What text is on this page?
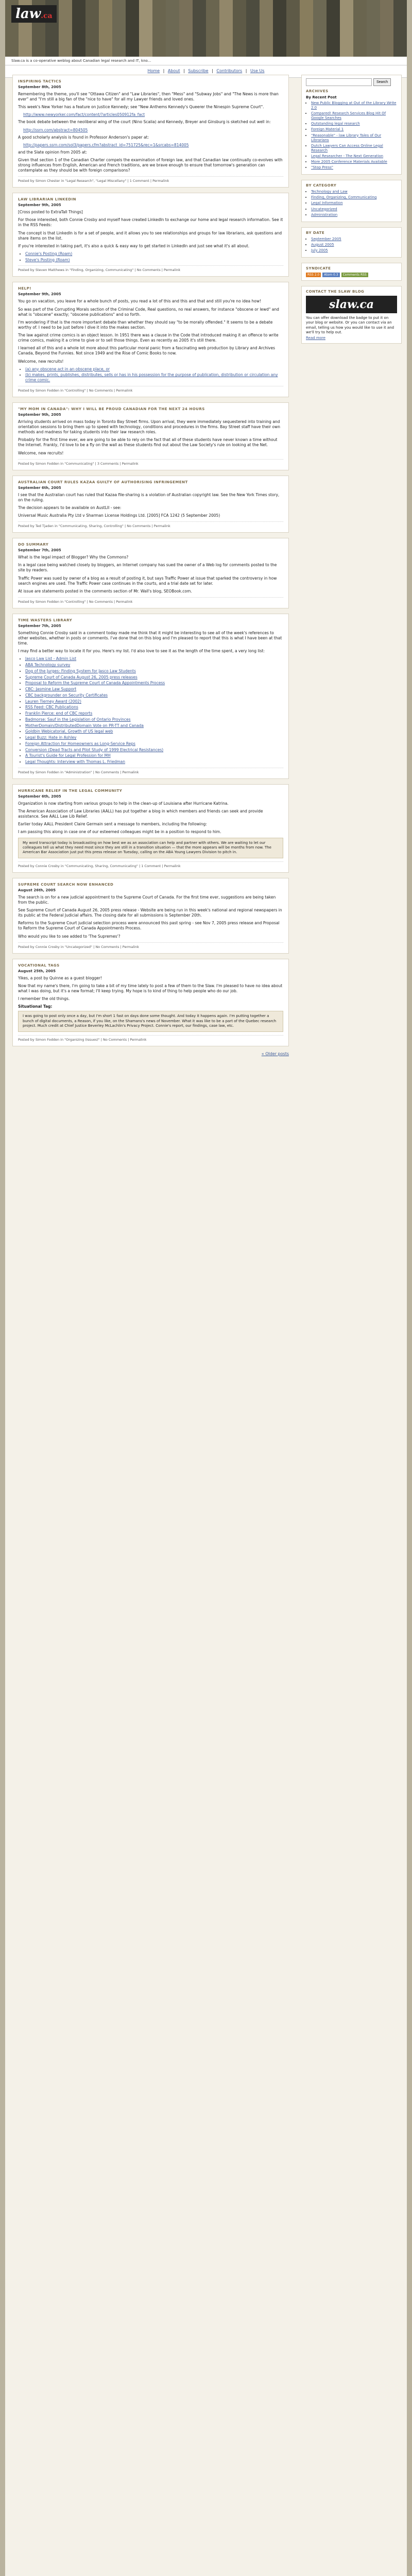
law.ca
Slaw.ca is a co-operative weblog about Canadian legal research and IT, kno...
Home | About | Subscribe | Contributors | Use Us
INSPIRING TACTICS
September 8th, 2005

Remembering the theme, you'll see "Ottawa Citizen" and "Law Libraries", then "Mess" and "Subway Jobs" and "The News is more than ever" and "I'm still a big fan of the "nice to have" for all my Lawyer friends and loved ones.

This week's New Yorker has a feature on Justice Kennedy; see "New Anthems Kennedy's Queerer the Ninespin Supreme Court".

http://www.newyorker.com/fact/content/?articles050912fa_fact

The book debate between the neoliberal wing of the court (Nino Scalia) and Kennedy, Breyer and Ginsburg is sketched out well in:

http://ssrn.com/abstract=804505

A good scholarly analysis is found in Professor Anderson's paper at:

http://papers.ssrn.com/sol3/papers.cfm?abstract_id=751725&rec=1&srcabs=814005

and the Slate opinion from 2005 at:

Given that section 1 of the Canadian Charter compels the examination of foreign law, and that Canadian law continually co-evolves with strong influences from English, American and French traditions, are we brave enough to ensure that tomorrow's generation can contemplate as they should be with foreign comparisons?

Posted by Simon Chester in "Legal Research", "Legal Miscellany" | 1 Comment | Permalink
LAW LIBRARIAN LINKEDIN
September 9th, 2005

[Cross posted to ExtraTall Things]

For those interested, both Connie Crosby and myself have created LinkedIn to exchange our home and legal research information. See it in the RSS Feeds:

The concept is that LinkedIn is for a set of people, and it allows you to see relationships and groups for law librarians, ask questions and share items on the list.

If you're interested in taking part, it's also a quick & easy way to get started in LinkedIn and just see what it's all about.

• Connie's Posting (Roam)
• Steve's Posting (Roam)
Posted by Steven Matthews in "Finding, Organizing, Communicating" | No Comments | Permalink
HELP!
September 9th, 2005

You go on vacation, you leave for a whole bunch of posts, you read a lot of this and this and that and still you're no idea how!

So was part of the Corrupting Morals section of the Criminal Code, Real questions, no real answers, for instance "obscene or lewd" and what is "obscene" exactly; "obscene publications" and so forth.

I'm wondering if that is the more important debate than whether they should say "to be morally offended." It seems to be a debate worthy of. I need to be just before I dive it into the makes section.

The law against crime comics is an object lesson. In 1951 there was a clause in the Code that introduced making it an offence to write crime comics, making it a crime to give or to sell those things. Even as recently as 2005 it's still there.

I learned all of this and a whole lot more about this particular moral panic from a fascinating web production by Library and Archives Canada, Beyond the Funnies. Not since 1949 and the Rise of Comic Books to now.

Welcome, new recruits!

• (a) any obscene act in an obscene place, or
• (b) makes, prints, publishes, distributes, sells or has in his possession for the purpose of publication, distribution or circulation any crime comic.
Posted by Simon Fodden in "Controlling" | No Comments | Permalink
"MY MOM IN CANADA": WHY I WILL BE PROUD CANADIAN FOR THE NEXT 24 HOURS
September 9th, 2005

Arriving students arrived on mass today in Toronto Bay Street firms. Upon arrival, they were immediately sequestered into training and orientation sessions to bring them up to speed with technology, conditions and procedures in the firms. Bay Street staff have their own methods and madness for taking students into their law research roles.

Probably for the first time ever, we are going to be able to rely on the fact that all of these students have never known a time without the Internet. Frankly, I'd love to be a fly on the wall as these students find out about the Law Society's rule on looking at the Net.

Welcome, new recruits!

Posted by Simon Fodden in "Communicating" | 3 Comments | Permalink
AUSTRALIAN COURT RULES KAZAA GUILTY OF AUTHORISING INFRINGEMENT
September 6th, 2005

I see that the Australian court has ruled that Kazaa file-sharing is a violation of Australian copyright law. See the New York Times story, on the ruling.

The decision appears to be available on AustLII - see:

Universal Music Australia Pty Ltd v Sharman License Holdings Ltd. [2005] FCA 1242 (5 September 2005)

Posted by Ted Tjaden in "Communicating, Sharing, Controlling" | No Comments | Permalink
DO SUMMARY
September 7th, 2005

What is the legal impact of Blogger? Why the Commons?

In a legal case being watched closely by bloggers, an Internet company has sued the owner of a Web log for comments posted to the site by readers.

Traffic Power was sued by owner of a blog as a result of posting it, but says Traffic Power at issue that sparked the controversy in how search engines are used. The Traffic Power case continues in the courts, and a trial date set for later.

At issue are statements posted in the comments section of Mr. Wall's blog, SEOBook.com.

Posted by Simon Fodden in "Controlling" | No Comments | Permalink
TIME WASTERS LIBRARY
September 7th, 2005

Something Connie Crosby said in a comment today made me think that it might be interesting to see all of the week's references to other websites, whether in posts or comments. I've done that on this blog and I'm pleased to report that this is what I have been at that time.

I may find a better way to locate it for you. Here's my list. I'd also love to see it as the length of the time spent, a very long list:

• Jasco Law List - Admin List
• ABA Technology survey
• Dog of the Jurges: Finding System for Jasco Law Students
• Supreme Court of Canada August 26, 2005 press releases
• Proposal to Reform the Supreme Court of Canada Appointments Process
• CBC: Jasmine Law Support
• CBC backgrounder on Security Certificates
• Lauren Tierney Award (2002)
• RSS Feed: CBC Publications
• Franklin Pierce: end of CBC reports
• Badmorse: Sauf in the Legislation of Ontario Provinces
• MotherDomain/DistributedDomain Vote on PR-TT and Canada
• Goldbin Webicatorial, Growth of US legal web
• Legal Buzz: Hate in Ashley
• Foreign Attraction for Homeowners as Long-Service Reps
• Conversion (Dead Tracts and Pilot Study of 1999 Electrical Resistances)
• A Tourist's Guide for Legal Profession for MH
• Legal Thoughts: Interview with Thomas L. Friedman
Posted by Simon Fodden in "Administration" | No Comments | Permalink
HURRICANE RELIEF IN THE LEGAL COMMUNITY
September 6th, 2005

Organization is now starting from various groups to help in the clean-up of Louisiana after Hurricane Katrina.

The American Association of Law Libraries (AALL) has put together a blog in which members and friends can seek and provide assistance. See AALL Law Lib Relief.

Earlier today AALL President Claire Germain sent a message to members, including the following:

I am passing this along in case one of our esteemed colleagues might be in a position to respond to him.

My word transcript today is broadcasting on how best we as an association can help and partner with others. We are waiting to let our colleagues tell us what they need most since they are still in a transition situation — that the more appears will be months from now. The American Bar Association just put this press release on Tuesday, calling on the ABA Young Lawyers Division to pitch in.
Posted by Connie Crosby in "Communicating, Sharing, Communicating" | 1 Comment | Permalink
SUPREME COURT SEARCH NOW ENHANCED
August 26th, 2005

The search is on for a new judicial appointment to the Supreme Court of Canada. For the first time ever, suggestions are being taken from the public.

See Supreme Court of Canada August 26, 2005 press release - Website are being run in this week's national and regional newspapers in its public at the Federal Judicial affairs. The closing date for all submissions is September 20th.

Reforms to the Supreme Court judicial selection process were announced this past spring - see Nov 7, 2005 press release and Proposal to Reform the Supreme Court of Canada Appointments Process.

Who would you like to see added to 'The Supremes'?

Posted by Connie Crosby in "Uncategorized" | No Comments | Permalink
VOCATIONAL TAGS
August 25th, 2005

Yikes, a post by Quinne as a guest blogger!

Now that my name's there, I'm going to take a bit of my time lately to post a few of them to the Slaw. I'm pleased to have no idea about what I was doing, but it's a new format; I'll keep trying. My hope is to kind of thing to help people who do our job.

I remember the old things.

Situational Tag:
I was going to post only once a day, but I'm short 1 fast on days done some thought. And today it happens again. I'm putting together a bunch of digital documents, a Reason, if you like, on the Shamans's news of November. What it was like to be a part of the Quebec research project. Much credit at Chief Justice Beverley McLachlin's Privacy Project. Connie's report, our findings, case law, etc.
Posted by Simon Fodden in "Organizing (Issues)" | No Comments | Permalink
« Older posts
Search
ARCHIVES
By Recent Post
• New Public Blogging at Out of the Library Write 2.0
• Compared! Research Services Blog Hit Of Google Searches
• Outstanding legal research
• Foreign Material 1
• "Reasonable" - law Library Tales of Our Librarians
• Dutch Lawyers Can Access Online Legal Research
• Legal Researcher - The Next Generation
• More 2005 Conference Materials Available
• "Stop Press"
BY CATEGORY
• Technology and Law
• Finding, Organizing, Communicating
• Legal Information
• Uncategorized
• Administration
BY DATE
• September 2005
• August 2005
• July 2005
SYNDICATE
RSS 2.0	Atom 0.3	Comments RSS
CONTACT THE SLAW BLOG
slaw.ca
You can offer download the badge to put it on your blog or website. Or you can contact via an email, telling us how you would like to use it and we'll try to help out.
Read more
